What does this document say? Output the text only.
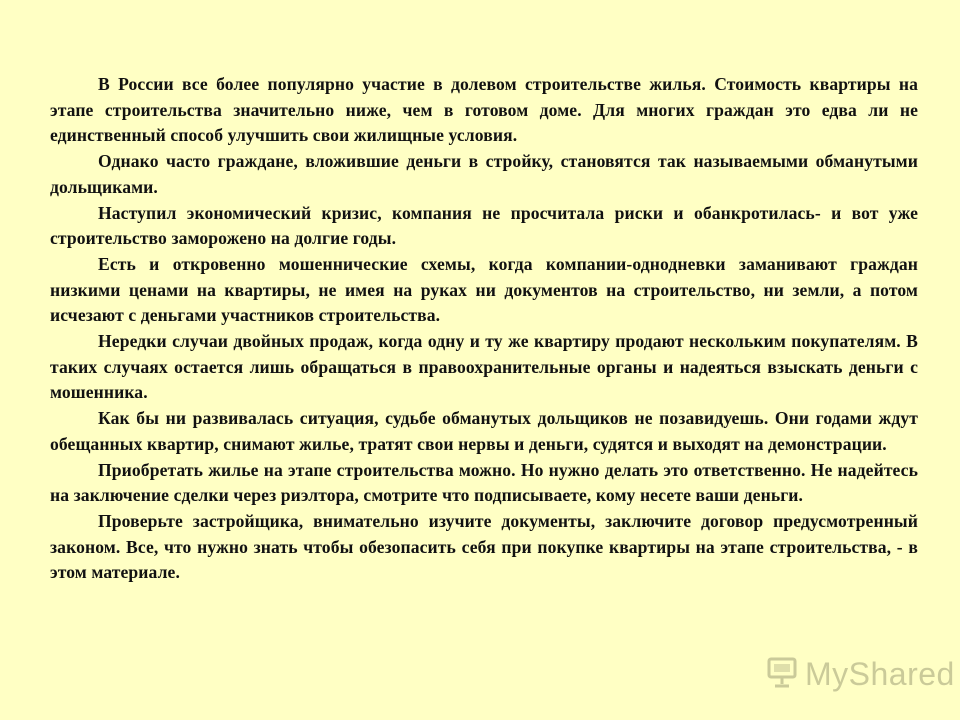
В России все более популярно участие в долевом строительстве жилья. Стоимость квартиры на этапе строительства значительно ниже, чем в готовом доме. Для многих граждан это едва ли не единственный способ улучшить свои жилищные условия.

Однако часто граждане, вложившие деньги в стройку, становятся так называемыми обманутыми дольщиками.

Наступил экономический кризис, компания не просчитала риски и обанкротилась- и вот уже строительство заморожено на долгие годы.

Есть и откровенно мошеннические схемы, когда компании-однодневки заманивают граждан низкими ценами на квартиры, не имея на руках ни документов на строительство, ни земли, а потом исчезают с деньгами участников строительства.

Нередки случаи двойных продаж, когда одну и ту же квартиру продают нескольким покупателям. В таких случаях остается лишь обращаться в правоохранительные органы и надеяться взыскать деньги с мошенника.

Как бы ни развивалась ситуация, судьбе обманутых дольщиков не позавидуешь. Они годами ждут обещанных квартир, снимают жилье, тратят свои нервы и деньги, судятся и выходят на демонстрации.

Приобретать жилье на этапе строительства можно. Но нужно делать это ответственно. Не надейтесь на заключение сделки через риэлтора, смотрите что подписываете, кому несете ваши деньги.

Проверьте застройщика, внимательно изучите документы, заключите договор предусмотренный законом. Все, что нужно знать чтобы обезопасить себя при покупке квартиры на этапе строительства, - в этом материале.

MyShared
